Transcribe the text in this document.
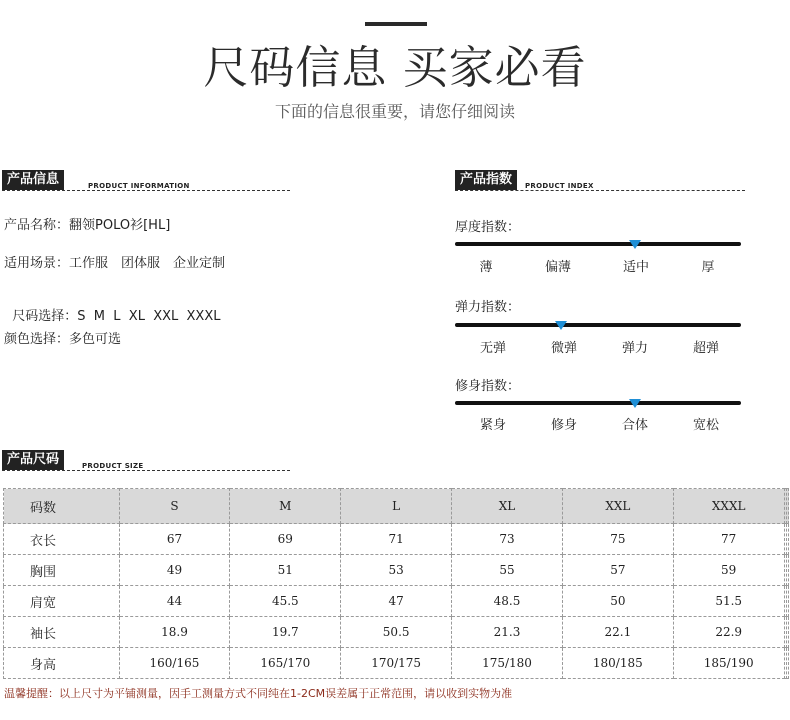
尺码信息 买家必看
下面的信息很重要，请您仔细阅读
产品信息	PRODUCT INFORMATION
产品名称：翻领POLO衫[HL]
适用场景：工作服　团体服　企业定制

尺码选择：S  M  L  XL  XXL  XXXL

颜色选择：多色可选
产品指数	PRODUCT INDEX
厚度指数：
薄	偏薄	适中	厚
弹力指数：
无弹	微弹	弹力	超弹
修身指数：
紧身	修身	合体	宽松
产品尺码	PRODUCT SIZE
码数	S	M	L	XL	XXL	XXXL		
衣长	67	69	71	73	75	77		
胸围	49	51	53	55	57	59		
肩宽	44	45.5	47	48.5	50	51.5		
袖长	18.9	19.7	50.5	21.3	22.1	22.9		
身高	160/165	165/170	170/175	175/180	180/185	185/190		
温馨提醒：以上尺寸为平铺测量，因手工测量方式不同纯在1-2CM误差属于正常范围，请以收到实物为准
